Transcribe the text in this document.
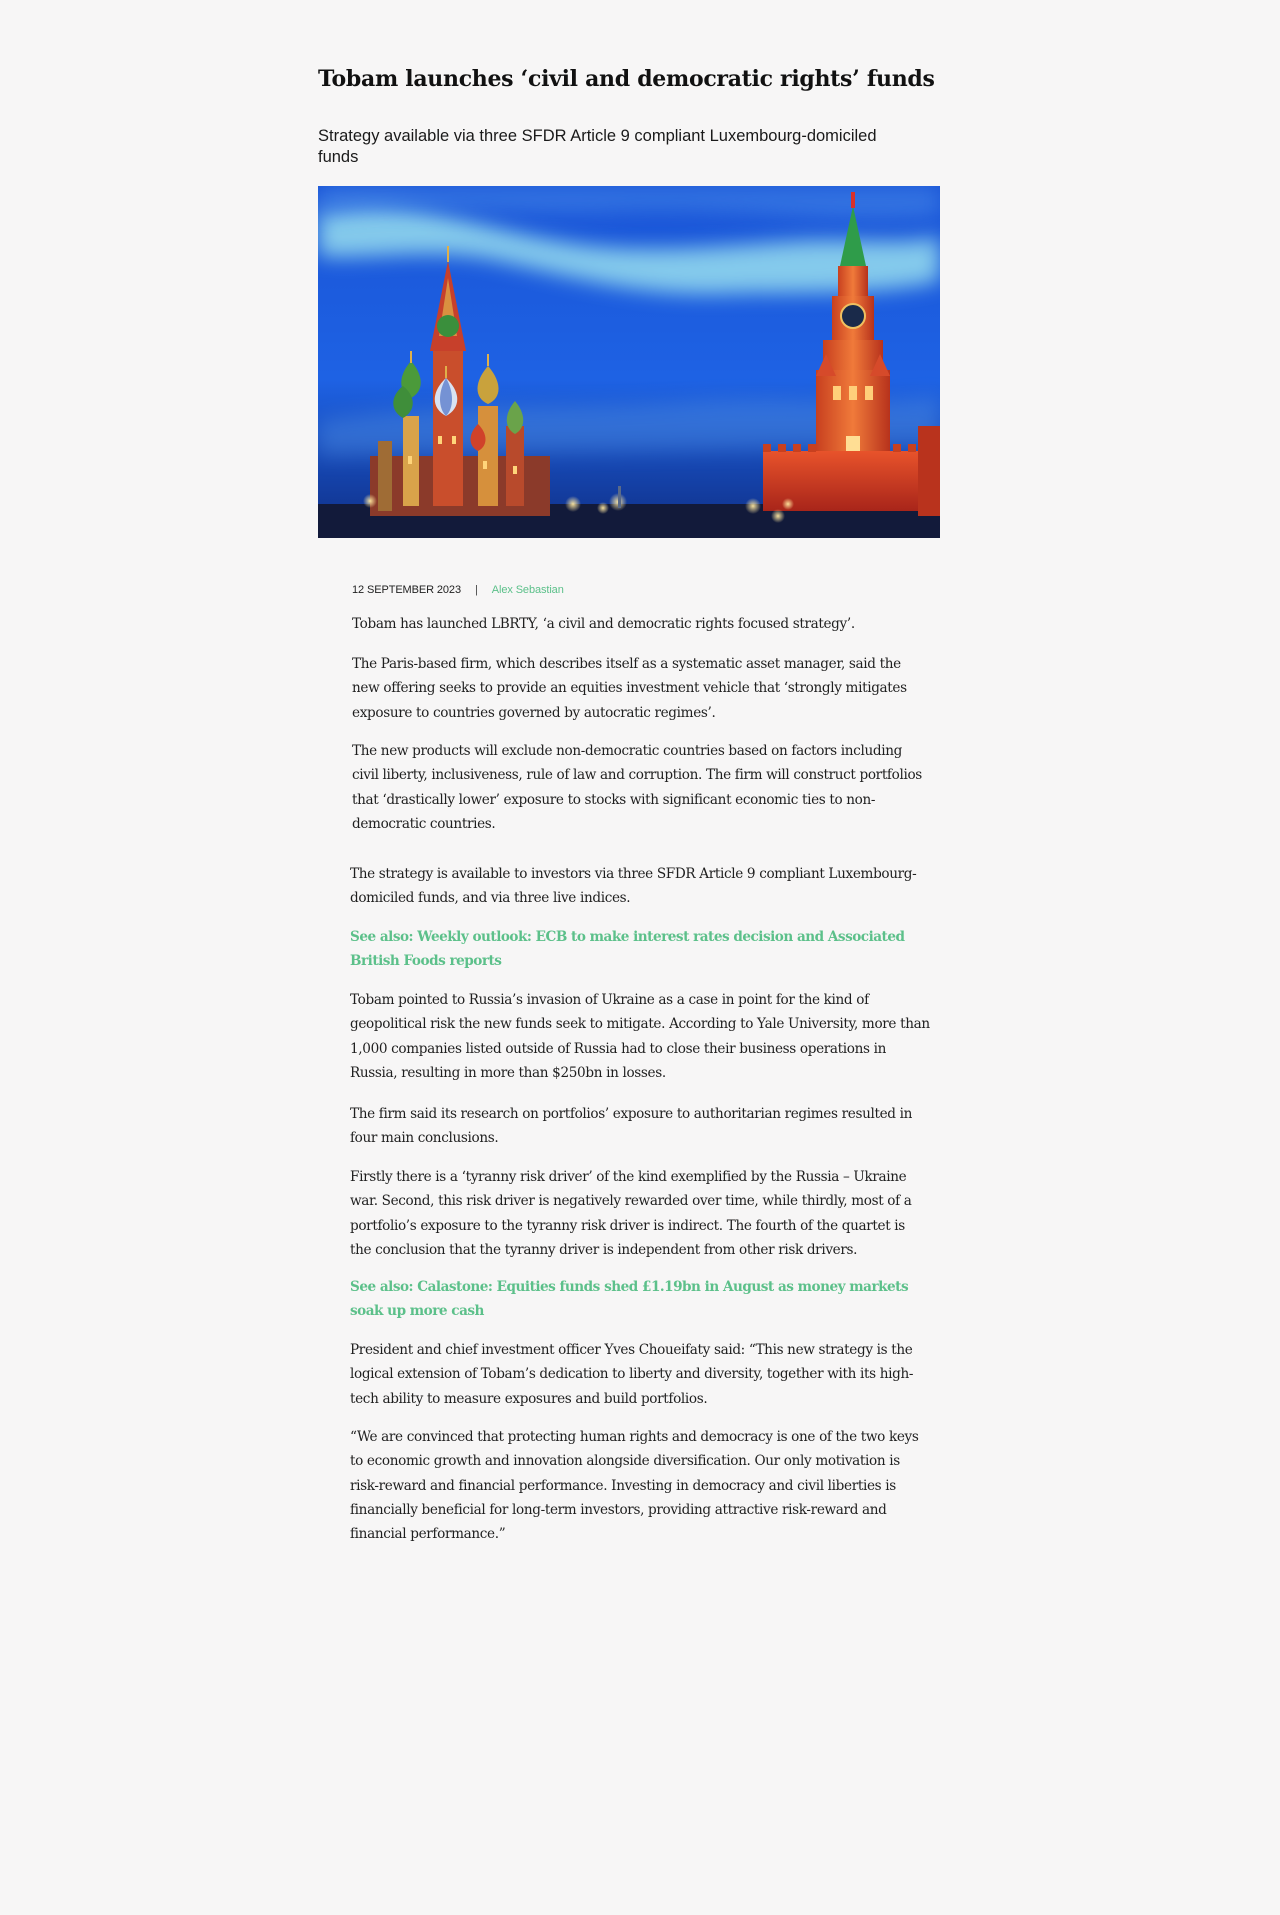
Tobam launches ‘civil and democratic rights’ funds

Strategy available via three SFDR Article 9 compliant Luxembourg-domiciled funds

12 SEPTEMBER 2023 | Alex Sebastian

Tobam has launched LBRTY, ‘a civil and democratic rights focused strategy’.

The Paris-based firm, which describes itself as a systematic asset manager, said the new offering seeks to provide an equities investment vehicle that ‘strongly mitigates exposure to countries governed by autocratic regimes’.

The new products will exclude non-democratic countries based on factors including civil liberty, inclusiveness, rule of law and corruption. The firm will construct portfolios that ‘drastically lower’ exposure to stocks with significant economic ties to non-democratic countries.

The strategy is available to investors via three SFDR Article 9 compliant Luxembourg-domiciled funds, and via three live indices.

See also: Weekly outlook: ECB to make interest rates decision and Associated British Foods reports

Tobam pointed to Russia’s invasion of Ukraine as a case in point for the kind of geopolitical risk the new funds seek to mitigate. According to Yale University, more than 1,000 companies listed outside of Russia had to close their business operations in Russia, resulting in more than $250bn in losses.

The firm said its research on portfolios’ exposure to authoritarian regimes resulted in four main conclusions.

Firstly there is a ‘tyranny risk driver’ of the kind exemplified by the Russia – Ukraine war. Second, this risk driver is negatively rewarded over time, while thirdly, most of a portfolio’s exposure to the tyranny risk driver is indirect. The fourth of the quartet is the conclusion that the tyranny driver is independent from other risk drivers.

See also: Calastone: Equities funds shed £1.19bn in August as money markets soak up more cash

President and chief investment officer Yves Choueifaty said: “This new strategy is the logical extension of Tobam’s dedication to liberty and diversity, together with its high-tech ability to measure exposures and build portfolios.

“We are convinced that protecting human rights and democracy is one of the two keys to economic growth and innovation alongside diversification. Our only motivation is risk-reward and financial performance. Investing in democracy and civil liberties is financially beneficial for long-term investors, providing attractive risk-reward and financial performance.”
